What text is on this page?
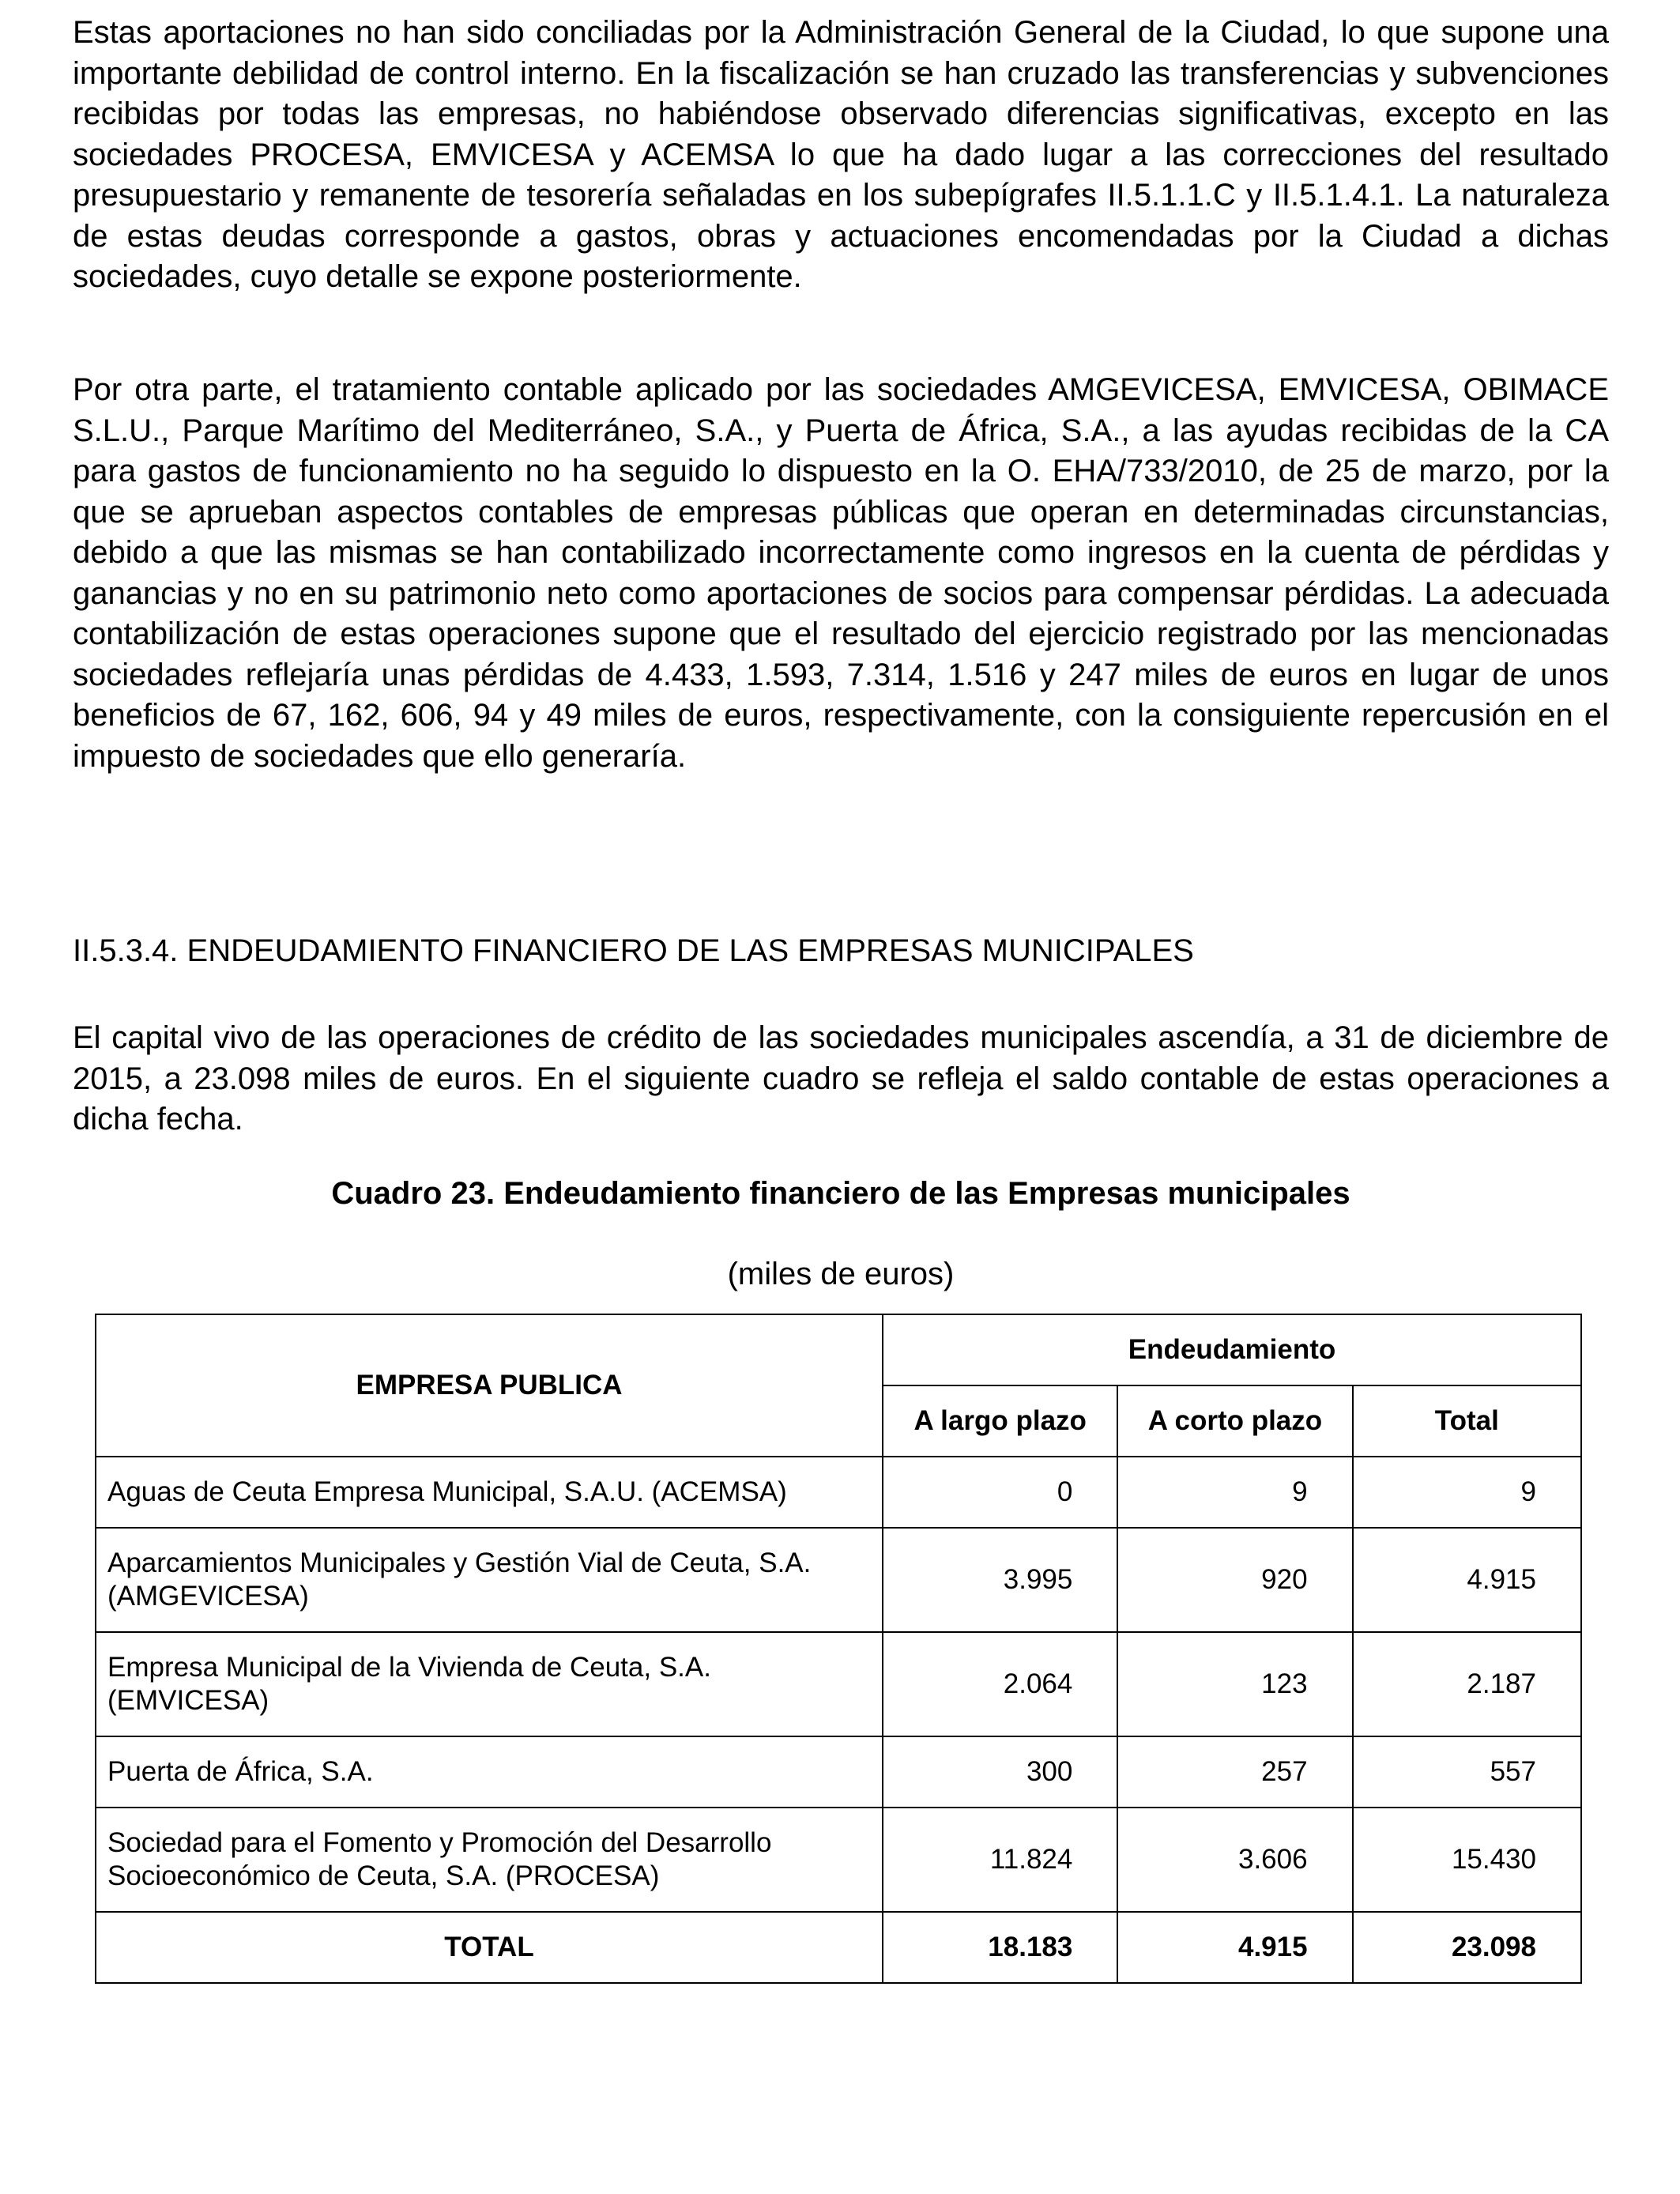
Estas aportaciones no han sido conciliadas por la Administración General de la Ciudad, lo que supone una importante debilidad de control interno. En la fiscalización se han cruzado las transferencias y subvenciones recibidas por todas las empresas, no habiéndose observado diferencias significativas, excepto en las sociedades PROCESA, EMVICESA y ACEMSA lo que ha dado lugar a las correcciones del resultado presupuestario y remanente de tesorería señaladas en los subepígrafes II.5.1.1.C y II.5.1.4.1. La naturaleza de estas deudas corresponde a gastos, obras y actuaciones encomendadas por la Ciudad a dichas sociedades, cuyo detalle se expone posteriormente.

Por otra parte, el tratamiento contable aplicado por las sociedades AMGEVICESA, EMVICESA, OBIMACE S.L.U., Parque Marítimo del Mediterráneo, S.A., y Puerta de África, S.A., a las ayudas recibidas de la CA para gastos de funcionamiento no ha seguido lo dispuesto en la O. EHA/733/2010, de 25 de marzo, por la que se aprueban aspectos contables de empresas públicas que operan en determinadas circunstancias, debido a que las mismas se han contabilizado incorrectamente como ingresos en la cuenta de pérdidas y ganancias y no en su patrimonio neto como aportaciones de socios para compensar pérdidas. La adecuada contabilización de estas operaciones supone que el resultado del ejercicio registrado por las mencionadas sociedades reflejaría unas pérdidas de 4.433, 1.593, 7.314, 1.516 y 247 miles de euros en lugar de unos beneficios de 67, 162, 606, 94 y 49 miles de euros, respectivamente, con la consiguiente repercusión en el impuesto de sociedades que ello generaría.

II.5.3.4. ENDEUDAMIENTO FINANCIERO DE LAS EMPRESAS MUNICIPALES

El capital vivo de las operaciones de crédito de las sociedades municipales ascendía, a 31 de diciembre de 2015, a 23.098 miles de euros. En el siguiente cuadro se refleja el saldo contable de estas operaciones a dicha fecha.

Cuadro 23. Endeudamiento financiero de las Empresas municipales
(miles de euros)
EMPRESA PUBLICA	Endeudamiento		
	A largo plazo	A corto plazo	Total
Aguas de Ceuta Empresa Municipal, S.A.U. (ACEMSA)	0	9	9
Aparcamientos Municipales y Gestión Vial de Ceuta, S.A. (AMGEVICESA)	3.995	920	4.915
Empresa Municipal de la Vivienda de Ceuta, S.A. (EMVICESA)	2.064	123	2.187
Puerta de África, S.A.	300	257	557
Sociedad para el Fomento y Promoción del Desarrollo Socioeconómico de Ceuta, S.A. (PROCESA)	11.824	3.606	15.430
TOTAL	18.183	4.915	23.098
